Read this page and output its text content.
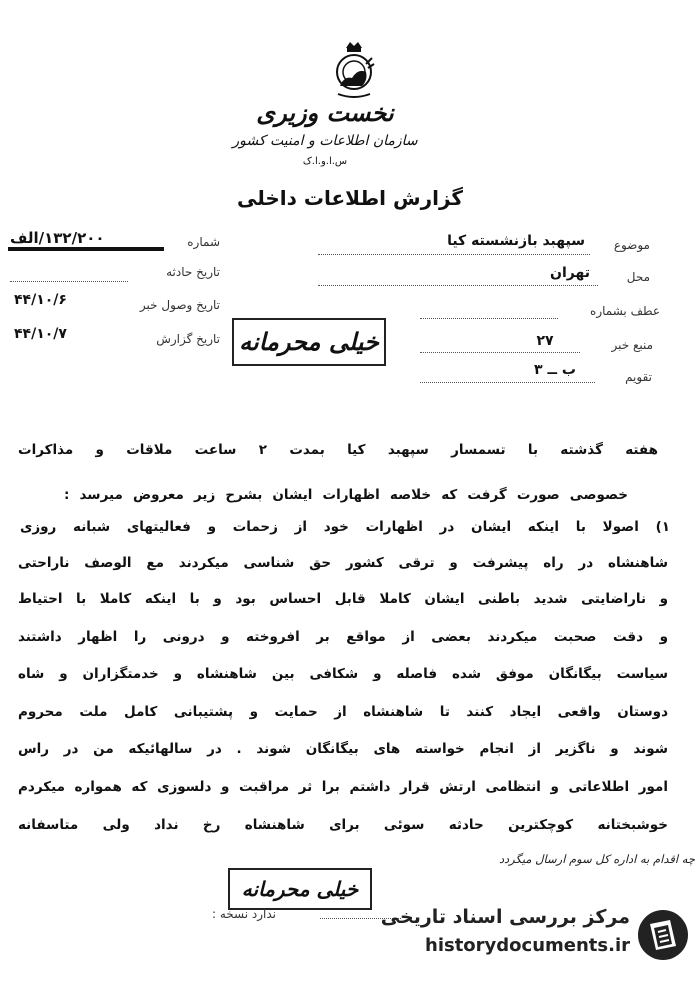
نخست وزیری
سازمان اطلاعات و امنیت کشور
س.ا.و.ا.ک
گزارش اطلاعات داخلی
شماره
۱۳۲/۲۰۰/الف
تاریخ حادثه
تاریخ وصول خبر
۴۴/۱۰/۶
تاریخ گزارش
۴۴/۱۰/۷	خیلی محرمانه
موضوع
سپهبد بازنشسته کیا
محل
تهران
عطف بشماره
منبع خبر
۲۷
تقویم
ب ــ ۳
هفته گذشته با تسمسار سپهبد کیا بمدت ۲ ساعت ملاقات و مذاکرات
خصوصی صورت گرفت که خلاصه اظهارات ایشان بشرح زیر معروض میرسد :
۱) اصولا با اینکه ایشان در اظهارات خود از زحمات و فعالیتهای شبانه روزی
شاهنشاه در راه پیشرفت و ترقی کشور حق شناسی میکردند مع الوصف ناراحتی
و ناراضایتی شدید باطنی ایشان کاملا قابل احساس بود و با اینکه کاملا با احتیاط
و دقت صحبت میکردند بعضی از مواقع بر افروخته و درونی را اظهار داشتند
سیاست بیگانگان موفق شده فاصله و شکافی بین شاهنشاه و خدمتگزاران و شاه
دوستان واقعی ایجاد کنند تا شاهنشاه از حمایت و پشتیبانی کامل ملت محروم
شوند و ناگزیر از انجام خواسته های بیگانگان شوند . در سالهائیکه من در راس
امور اطلاعاتی و انتظامی ارتش قرار داشتم برا ثر مراقبت و دلسوزی که همواره میکردم
خوشبختانه کوچکترین حادثه سوئی برای شاهنشاه رخ نداد ولی متاسفانه
چه اقدام به اداره کل سوم ارسال میگردد
خیلی محرمانه
ندارد نسخه :	مرکز بررسی اسناد تاریخی
historydocuments.ir
